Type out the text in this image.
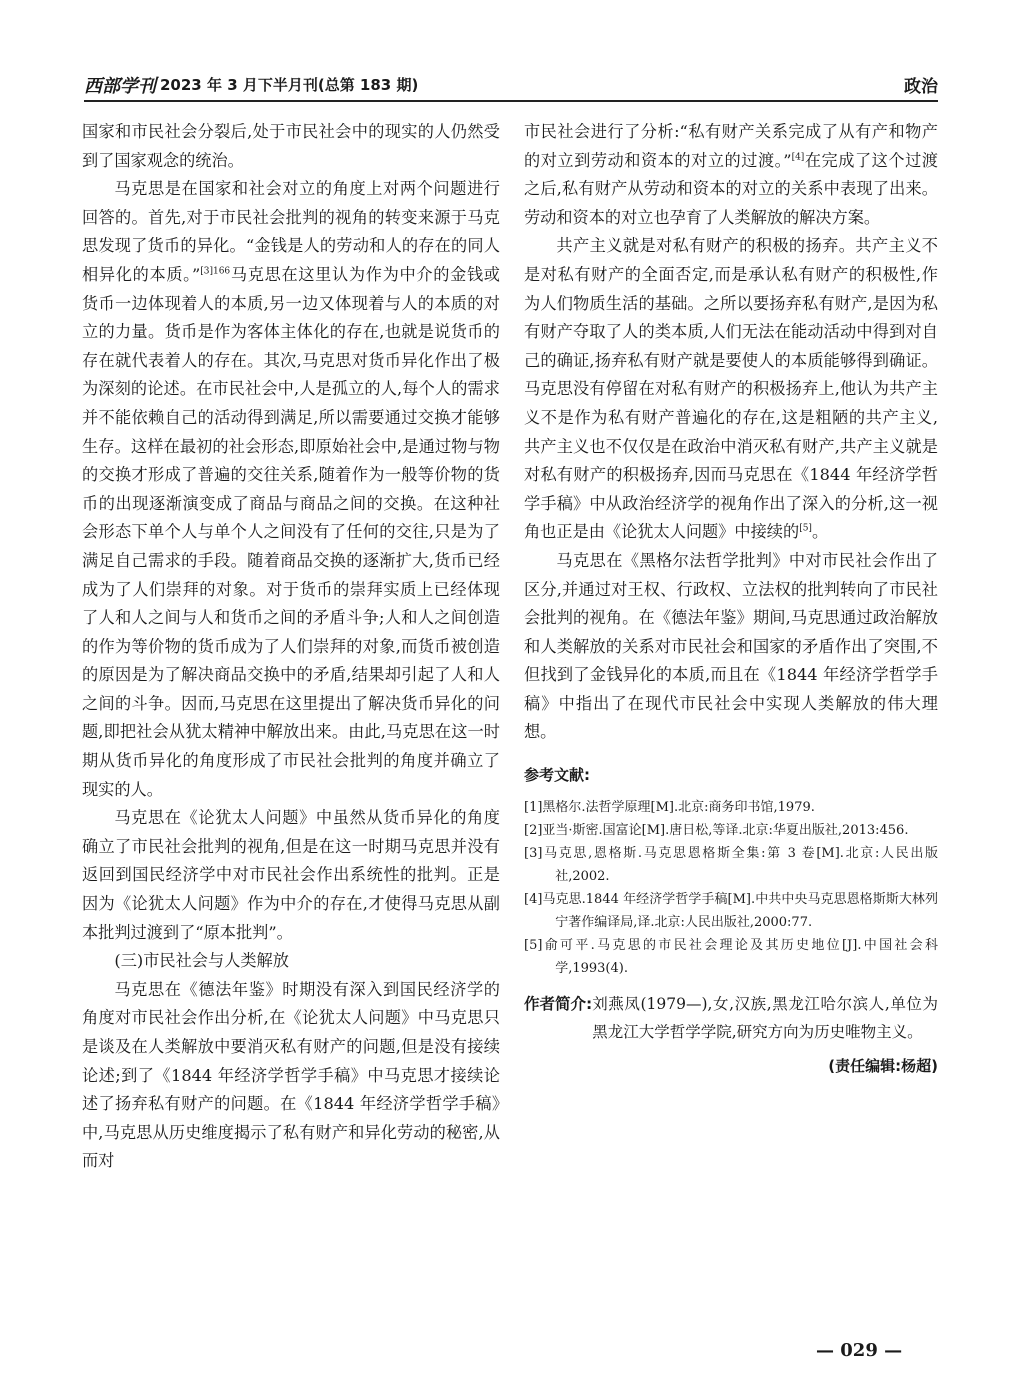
西部学刊 2023 年 3 月下半月刊(总第 183 期)	政治

国家和市民社会分裂后,处于市民社会中的现实的人仍然受到了国家观念的统治。

马克思是在国家和社会对立的角度上对两个问题进行回答的。首先,对于市民社会批判的视角的转变来源于马克思发现了货币的异化。“金钱是人的劳动和人的存在的同人相异化的本质。”$^{[3]166}$马克思在这里认为作为中介的金钱或货币一边体现着人的本质,另一边又体现着与人的本质的对立的力量。货币是作为客体主体化的存在,也就是说货币的存在就代表着人的存在。其次,马克思对货币异化作出了极为深刻的论述。在市民社会中,人是孤立的人,每个人的需求并不能依赖自己的活动得到满足,所以需要通过交换才能够生存。这样在最初的社会形态,即原始社会中,是通过物与物的交换才形成了普遍的交往关系,随着作为一般等价物的货币的出现逐渐演变成了商品与商品之间的交换。在这种社会形态下单个人与单个人之间没有了任何的交往,只是为了满足自己需求的手段。随着商品交换的逐渐扩大,货币已经成为了人们崇拜的对象。对于货币的崇拜实质上已经体现了人和人之间与人和货币之间的矛盾斗争;人和人之间创造的作为等价物的货币成为了人们崇拜的对象,而货币被创造的原因是为了解决商品交换中的矛盾,结果却引起了人和人之间的斗争。因而,马克思在这里提出了解决货币异化的问题,即把社会从犹太精神中解放出来。由此,马克思在这一时期从货币异化的角度形成了市民社会批判的角度并确立了现实的人。

马克思在《论犹太人问题》中虽然从货币异化的角度确立了市民社会批判的视角,但是在这一时期马克思并没有返回到国民经济学中对市民社会作出系统性的批判。正是因为《论犹太人问题》作为中介的存在,才使得马克思从副本批判过渡到了“原本批判”。

(三)市民社会与人类解放

马克思在《德法年鉴》时期没有深入到国民经济学的角度对市民社会作出分析,在《论犹太人问题》中马克思只是谈及在人类解放中要消灭私有财产的问题,但是没有接续论述;到了《1844 年经济学哲学手稿》中马克思才接续论述了扬弃私有财产的问题。在《1844 年经济学哲学手稿》中,马克思从历史维度揭示了私有财产和异化劳动的秘密,从而对

市民社会进行了分析:“私有财产关系完成了从有产和物产的对立到劳动和资本的对立的过渡。”[4]在完成了这个过渡之后,私有财产从劳动和资本的对立的关系中表现了出来。劳动和资本的对立也孕育了人类解放的解决方案。

共产主义就是对私有财产的积极的扬弃。共产主义不是对私有财产的全面否定,而是承认私有财产的积极性,作为人们物质生活的基础。之所以要扬弃私有财产,是因为私有财产夺取了人的类本质,人们无法在能动活动中得到对自己的确证,扬弃私有财产就是要使人的本质能够得到确证。马克思没有停留在对私有财产的积极扬弃上,他认为共产主义不是作为私有财产普遍化的存在,这是粗陋的共产主义,共产主义也不仅仅是在政治中消灭私有财产,共产主义就是对私有财产的积极扬弃,因而马克思在《1844 年经济学哲学手稿》中从政治经济学的视角作出了深入的分析,这一视角也正是由《论犹太人问题》中接续的[5]。

马克思在《黑格尔法哲学批判》中对市民社会作出了区分,并通过对王权、行政权、立法权的批判转向了市民社会批判的视角。在《德法年鉴》期间,马克思通过政治解放和人类解放的关系对市民社会和国家的矛盾作出了突围,不但找到了金钱异化的本质,而且在《1844 年经济学哲学手稿》中指出了在现代市民社会中实现人类解放的伟大理想。

参考文献:
[1]黑格尔.法哲学原理[M].北京:商务印书馆,1979.
[2]亚当·斯密.国富论[M].唐日松,等译.北京:华夏出版社,2013:456.
[3]马克思,恩格斯.马克思恩格斯全集:第 3 卷[M].北京:人民出版社,2002.
[4]马克思.1844 年经济学哲学手稿[M].中共中央马克思恩格斯斯大林列宁著作编译局,译.北京:人民出版社,2000:77.
[5]俞可平.马克思的市民社会理论及其历史地位[J].中国社会科学,1993(4).
作者简介: 刘燕凤(1979—),女,汉族,黑龙江哈尔滨人,单位为黑龙江大学哲学学院,研究方向为历史唯物主义。
(责任编辑:杨超)
— 029 —
